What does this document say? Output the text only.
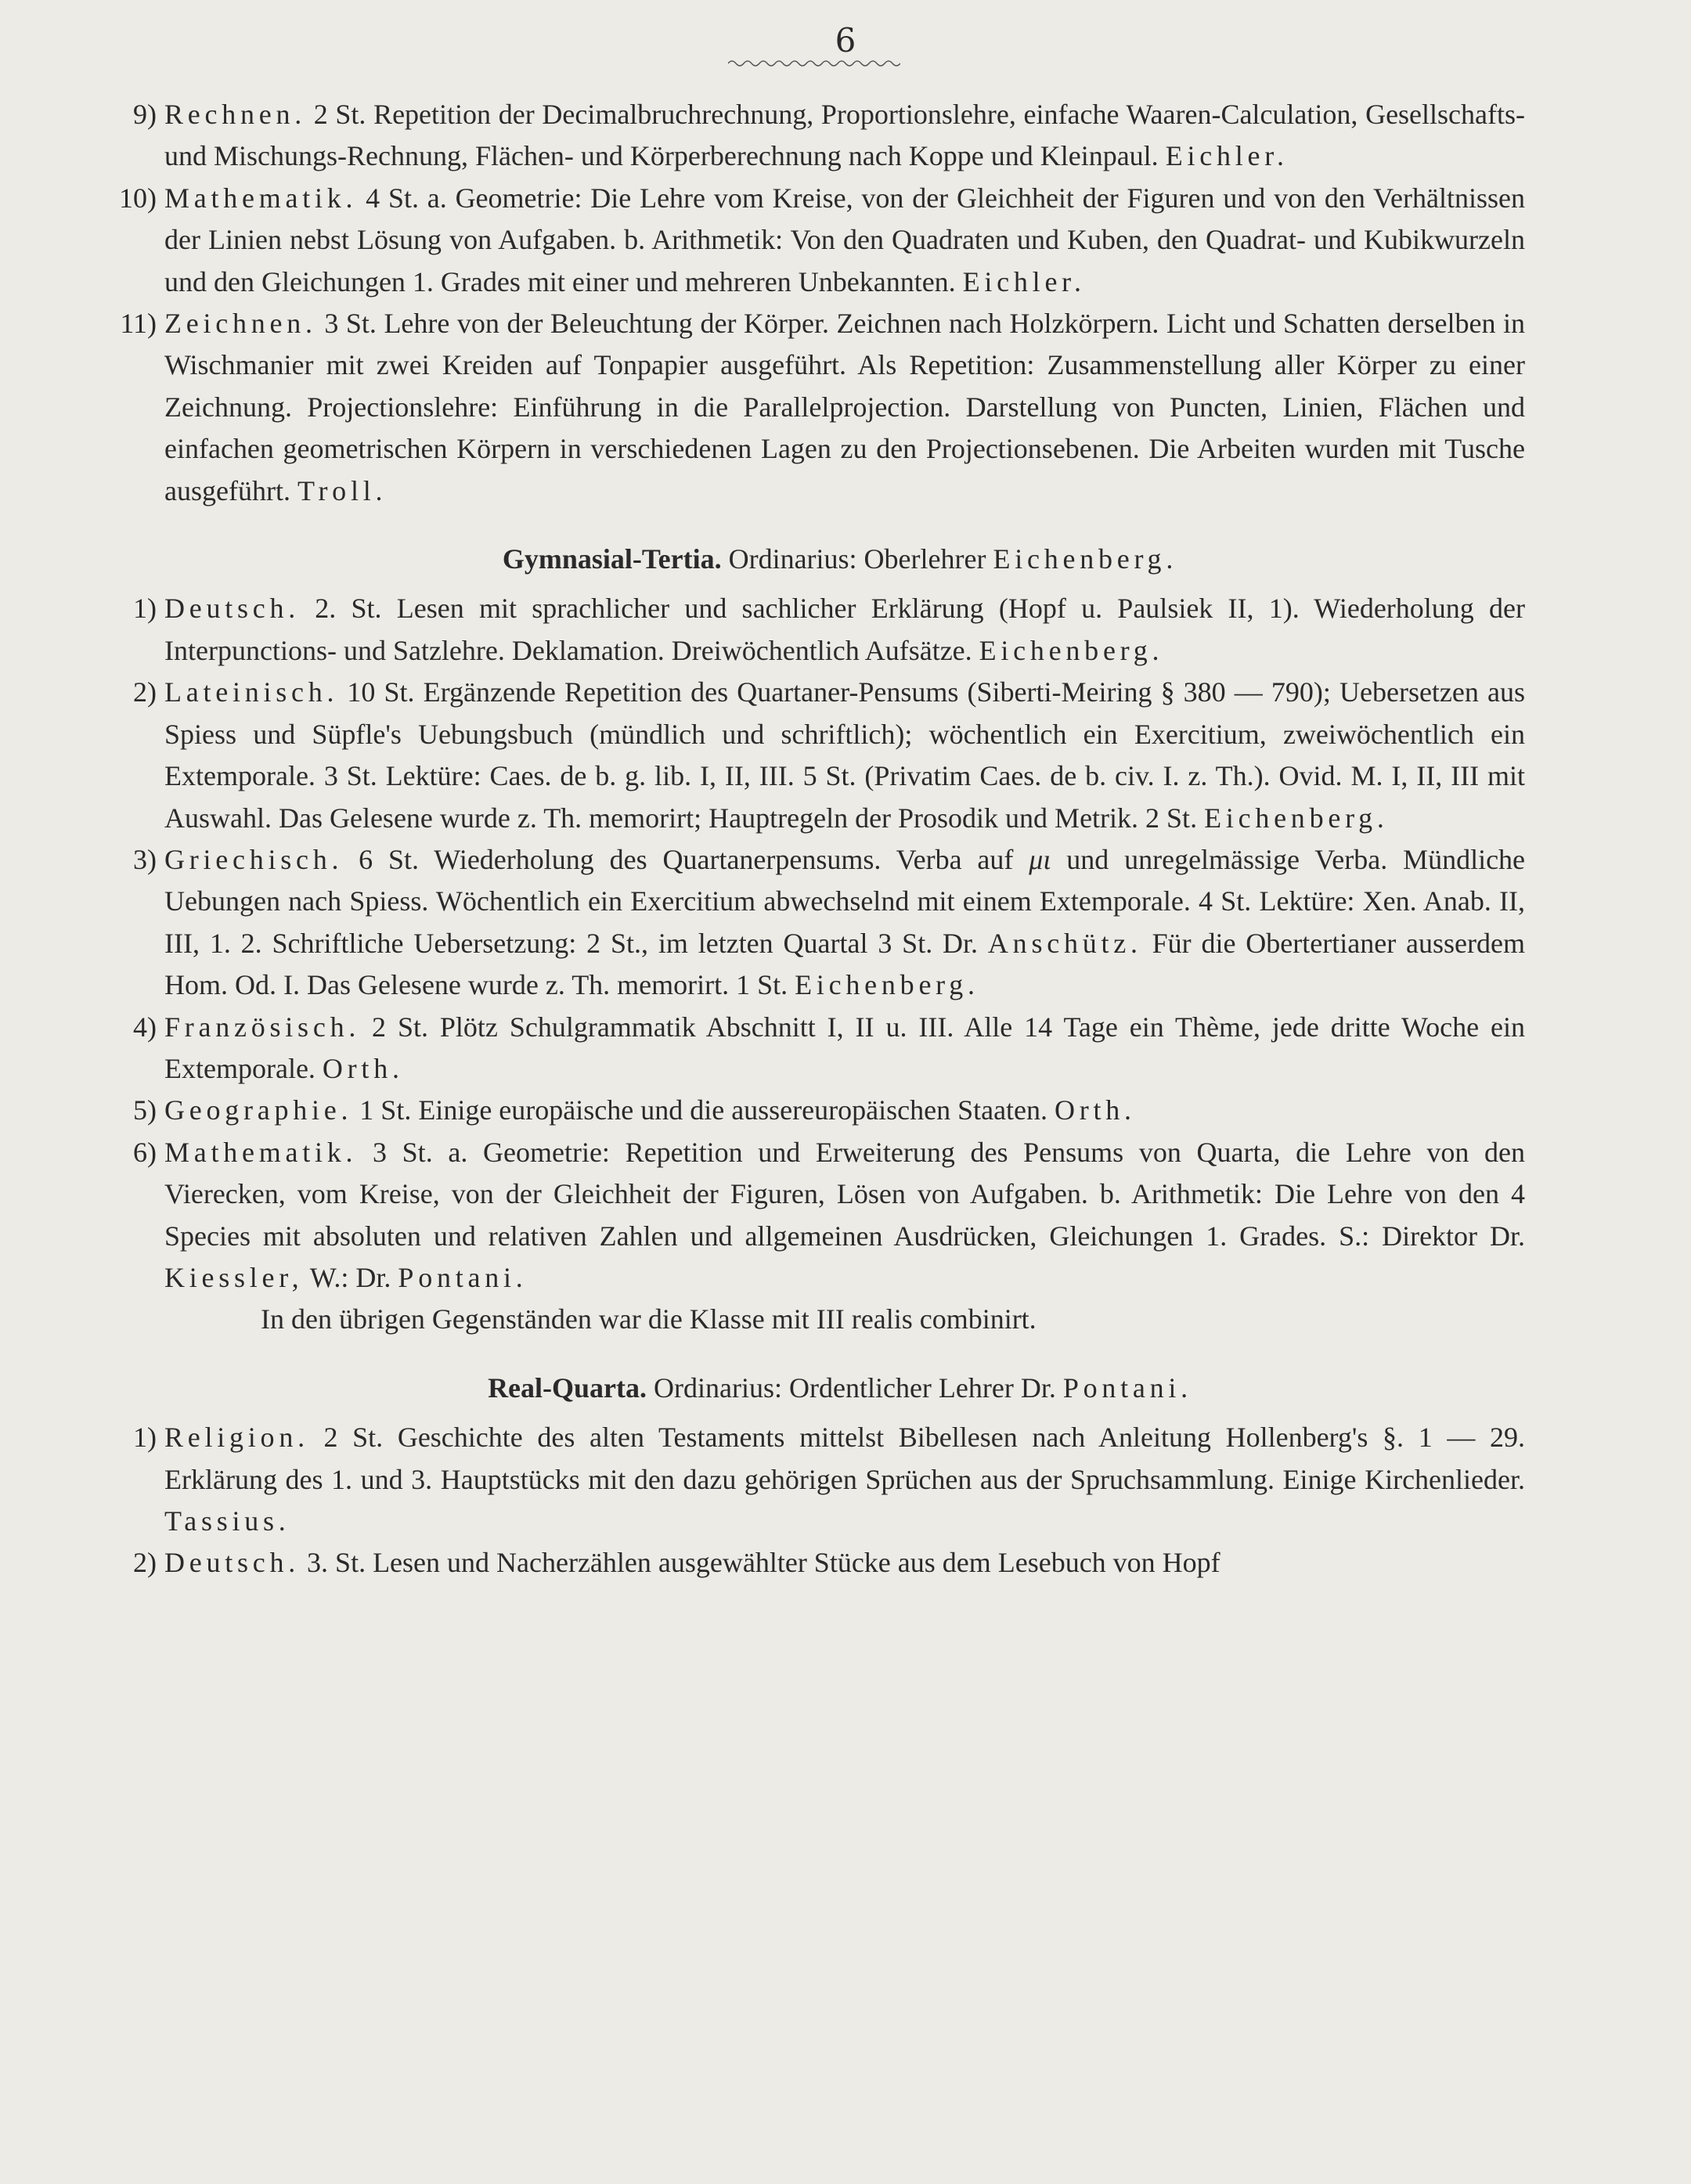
6
9) Rechnen. 2 St. Repetition der Decimalbruchrechnung, Proportionslehre, einfache Waaren-Calculation, Gesellschafts- und Mischungs-Rechnung, Flächen- und Körperberechnung nach Koppe und Kleinpaul. Eichler.
10) Mathematik. 4 St. a. Geometrie: Die Lehre vom Kreise, von der Gleichheit der Figuren und von den Verhältnissen der Linien nebst Lösung von Aufgaben. b. Arithmetik: Von den Quadraten und Kuben, den Quadrat- und Kubikwurzeln und den Gleichungen 1. Grades mit einer und mehreren Unbekannten. Eichler.
11) Zeichnen. 3 St. Lehre von der Beleuchtung der Körper. Zeichnen nach Holzkörpern. Licht und Schatten derselben in Wischmanier mit zwei Kreiden auf Tonpapier ausgeführt. Als Repetition: Zusammenstellung aller Körper zu einer Zeichnung. Projectionslehre: Einführung in die Parallelprojection. Darstellung von Puncten, Linien, Flächen und einfachen geometrischen Körpern in verschiedenen Lagen zu den Projectionsebenen. Die Arbeiten wurden mit Tusche ausgeführt. Troll.
Gymnasial-Tertia. Ordinarius: Oberlehrer Eichenberg.
1) Deutsch. 2. St. Lesen mit sprachlicher und sachlicher Erklärung (Hopf u. Paulsiek II, 1). Wiederholung der Interpunctions- und Satzlehre. Deklamation. Dreiwöchentlich Aufsätze. Eichenberg.
2) Lateinisch. 10 St. Ergänzende Repetition des Quartaner-Pensums (Siberti-Meiring § 380 — 790); Uebersetzen aus Spiess und Süpfle's Uebungsbuch (mündlich und schriftlich); wöchentlich ein Exercitium, zweiwöchentlich ein Extemporale. 3 St. Lektüre: Caes. de b. g. lib. I, II, III. 5 St. (Privatim Caes. de b. civ. I. z. Th.). Ovid. M. I, II, III mit Auswahl. Das Gelesene wurde z. Th. memorirt; Hauptregeln der Prosodik und Metrik. 2 St. Eichenberg.
3) Griechisch. 6 St. Wiederholung des Quartanerpensums. Verba auf μι und unregelmässige Verba. Mündliche Uebungen nach Spiess. Wöchentlich ein Exercitium abwechselnd mit einem Extemporale. 4 St. Lektüre: Xen. Anab. II, III, 1. 2. Schriftliche Uebersetzung: 2 St., im letzten Quartal 3 St. Dr. Anschütz. Für die Obertertianer ausserdem Hom. Od. I. Das Gelesene wurde z. Th. memorirt. 1 St. Eichenberg.
4) Französisch. 2 St. Plötz Schulgrammatik Abschnitt I, II u. III. Alle 14 Tage ein Thème, jede dritte Woche ein Extemporale. Orth.
5) Geographie. 1 St. Einige europäische und die aussereuropäischen Staaten. Orth.
6) Mathematik. 3 St. a. Geometrie: Repetition und Erweiterung des Pensums von Quarta, die Lehre von den Vierecken, vom Kreise, von der Gleichheit der Figuren, Lösen von Aufgaben. b. Arithmetik: Die Lehre von den 4 Species mit absoluten und relativen Zahlen und allgemeinen Ausdrücken, Gleichungen 1. Grades. S.: Direktor Dr. Kiessler, W.: Dr. Pontani.
In den übrigen Gegenständen war die Klasse mit III realis combinirt.
Real-Quarta. Ordinarius: Ordentlicher Lehrer Dr. Pontani.
1) Religion. 2 St. Geschichte des alten Testaments mittelst Bibellesen nach Anleitung Hollenberg's §. 1 — 29. Erklärung des 1. und 3. Hauptstücks mit den dazu gehörigen Sprüchen aus der Spruchsammlung. Einige Kirchenlieder. Tassius.
2) Deutsch. 3. St. Lesen und Nacherzählen ausgewählter Stücke aus dem Lesebuch von Hopf
